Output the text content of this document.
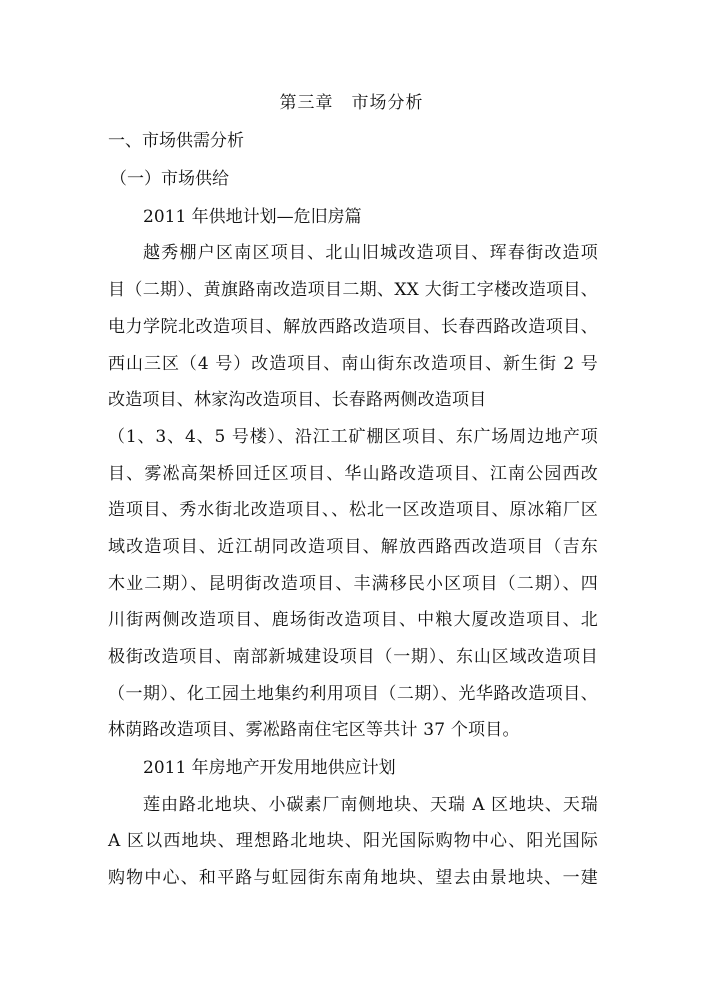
第三章　市场分析
一、市场供需分析
（一）市场供给
2011 年供地计划—危旧房篇
越秀棚户区南区项目、北山旧城改造项目、珲春街改造项
目（二期）、黄旗路南改造项目二期、XX 大街工字楼改造项目、
电力学院北改造项目、解放西路改造项目、长春西路改造项目、
西山三区（4 号）改造项目、南山街东改造项目、新生街 2 号
改造项目、林家沟改造项目、长春路两侧改造项目
（1、3、4、5 号楼）、沿江工矿棚区项目、东广场周边地产项
目、雾凇高架桥回迁区项目、华山路改造项目、江南公园西改
造项目、秀水街北改造项目、、松北一区改造项目、原冰箱厂区
域改造项目、近江胡同改造项目、解放西路西改造项目（吉东
木业二期）、昆明街改造项目、丰满移民小区项目（二期）、四
川街两侧改造项目、鹿场街改造项目、中粮大厦改造项目、北
极街改造项目、南部新城建设项目（一期）、东山区域改造项目
（一期）、化工园土地集约利用项目（二期）、光华路改造项目、
林荫路改造项目、雾凇路南住宅区等共计 37 个项目。
2011 年房地产开发用地供应计划
莲由路北地块、小碳素厂南侧地块、天瑞 A 区地块、天瑞
A 区以西地块、理想路北地块、阳光国际购物中心、阳光国际
购物中心、和平路与虹园街东南角地块、望去由景地块、一建
